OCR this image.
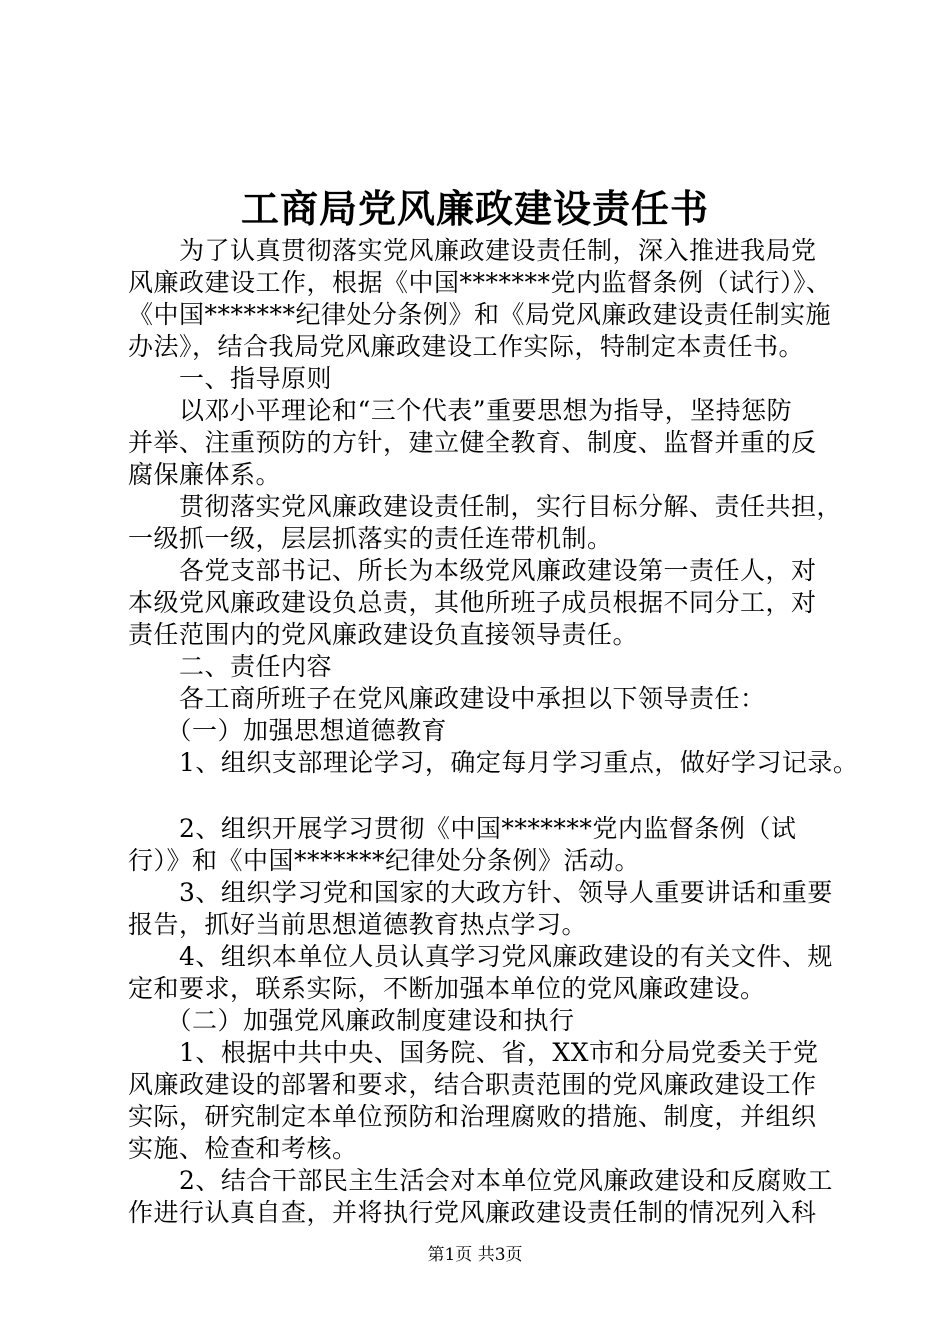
工商局党风廉政建设责任书
　　为了认真贯彻落实党风廉政建设责任制，深入推进我局党
风廉政建设工作，根据《中国*******党内监督条例（试行）》、
《中国*******纪律处分条例》和《局党风廉政建设责任制实施
办法》，结合我局党风廉政建设工作实际，特制定本责任书。
　　一、指导原则
　　以邓小平理论和“三个代表”重要思想为指导，坚持惩防
并举、注重预防的方针，建立健全教育、制度、监督并重的反
腐保廉体系。
　　贯彻落实党风廉政建设责任制，实行目标分解、责任共担，
一级抓一级，层层抓落实的责任连带机制。
　　各党支部书记、所长为本级党风廉政建设第一责任人，对
本级党风廉政建设负总责，其他所班子成员根据不同分工，对
责任范围内的党风廉政建设负直接领导责任。
　　二、责任内容
　　各工商所班子在党风廉政建设中承担以下领导责任：
　　（一）加强思想道德教育
　　1、组织支部理论学习，确定每月学习重点，做好学习记录。
　　2、组织开展学习贯彻《中国*******党内监督条例（试
行）》和《中国*******纪律处分条例》活动。
　　3、组织学习党和国家的大政方针、领导人重要讲话和重要
报告，抓好当前思想道德教育热点学习。
　　4、组织本单位人员认真学习党风廉政建设的有关文件、规
定和要求，联系实际，不断加强本单位的党风廉政建设。
　　（二）加强党风廉政制度建设和执行
　　1、根据中共中央、国务院、省，XX市和分局党委关于党
风廉政建设的部署和要求，结合职责范围的党风廉政建设工作
实际，研究制定本单位预防和治理腐败的措施、制度，并组织
实施、检查和考核。
　　2、结合干部民主生活会对本单位党风廉政建设和反腐败工
作进行认真自查，并将执行党风廉政建设责任制的情况列入科
第1页 共3页
